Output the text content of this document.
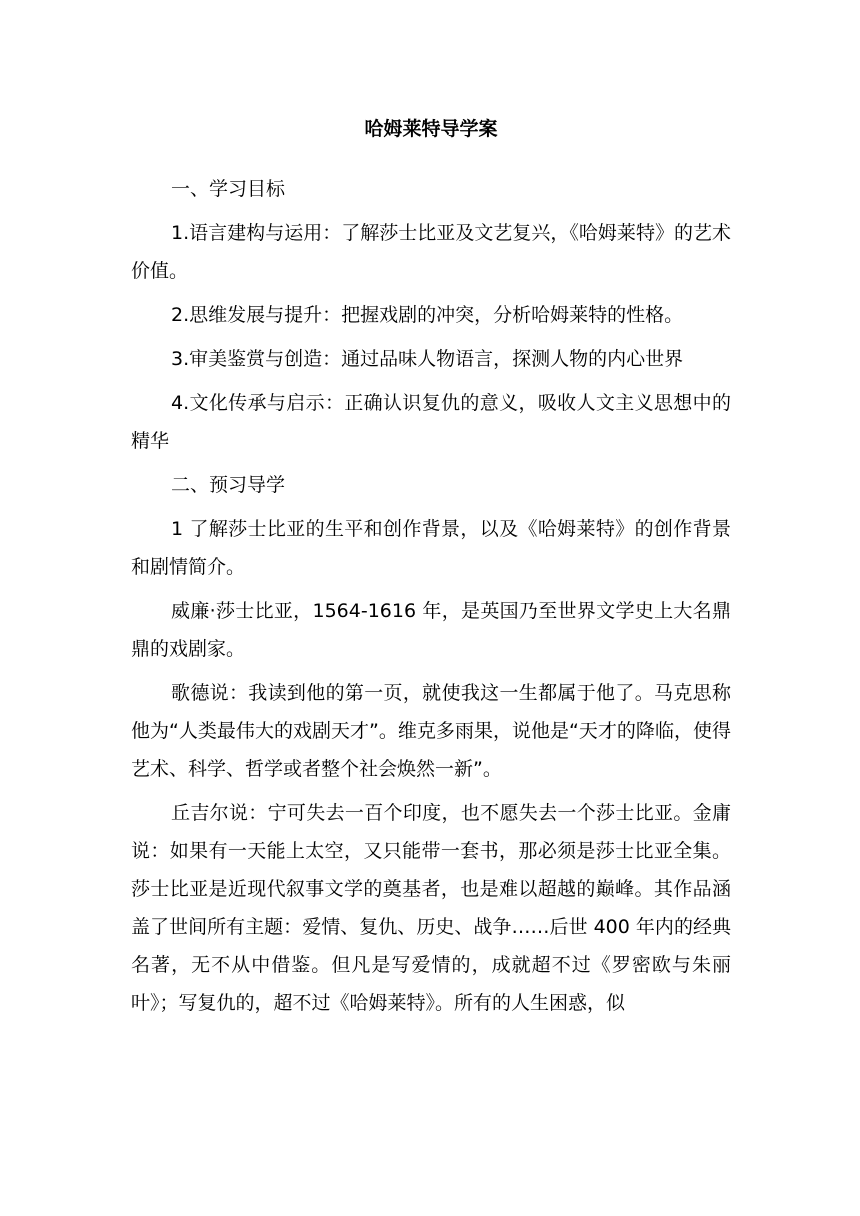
哈姆莱特导学案

一、学习目标

1.语言建构与运用：了解莎士比亚及文艺复兴，《哈姆莱特》的艺术价值。

2.思维发展与提升：把握戏剧的冲突，分析哈姆莱特的性格。

3.审美鉴赏与创造：通过品味人物语言，探测人物的内心世界

4.文化传承与启示：正确认识复仇的意义，吸收人文主义思想中的精华

二、预习导学

1 了解莎士比亚的生平和创作背景，以及《哈姆莱特》的创作背景和剧情简介。

威廉·莎士比亚，1564-1616 年，是英国乃至世界文学史上大名鼎鼎的戏剧家。

歌德说：我读到他的第一页，就使我这一生都属于他了。马克思称他为“人类最伟大的戏剧天才”。维克多雨果，说他是“天才的降临，使得艺术、科学、哲学或者整个社会焕然一新”。

丘吉尔说：宁可失去一百个印度，也不愿失去一个莎士比亚。金庸说：如果有一天能上太空，又只能带一套书，那必须是莎士比亚全集。莎士比亚是近现代叙事文学的奠基者，也是难以超越的巅峰。其作品涵盖了世间所有主题：爱情、复仇、历史、战争……后世 400 年内的经典名著，无不从中借鉴。但凡是写爱情的，成就超不过《罗密欧与朱丽叶》；写复仇的，超不过《哈姆莱特》。所有的人生困惑，似
